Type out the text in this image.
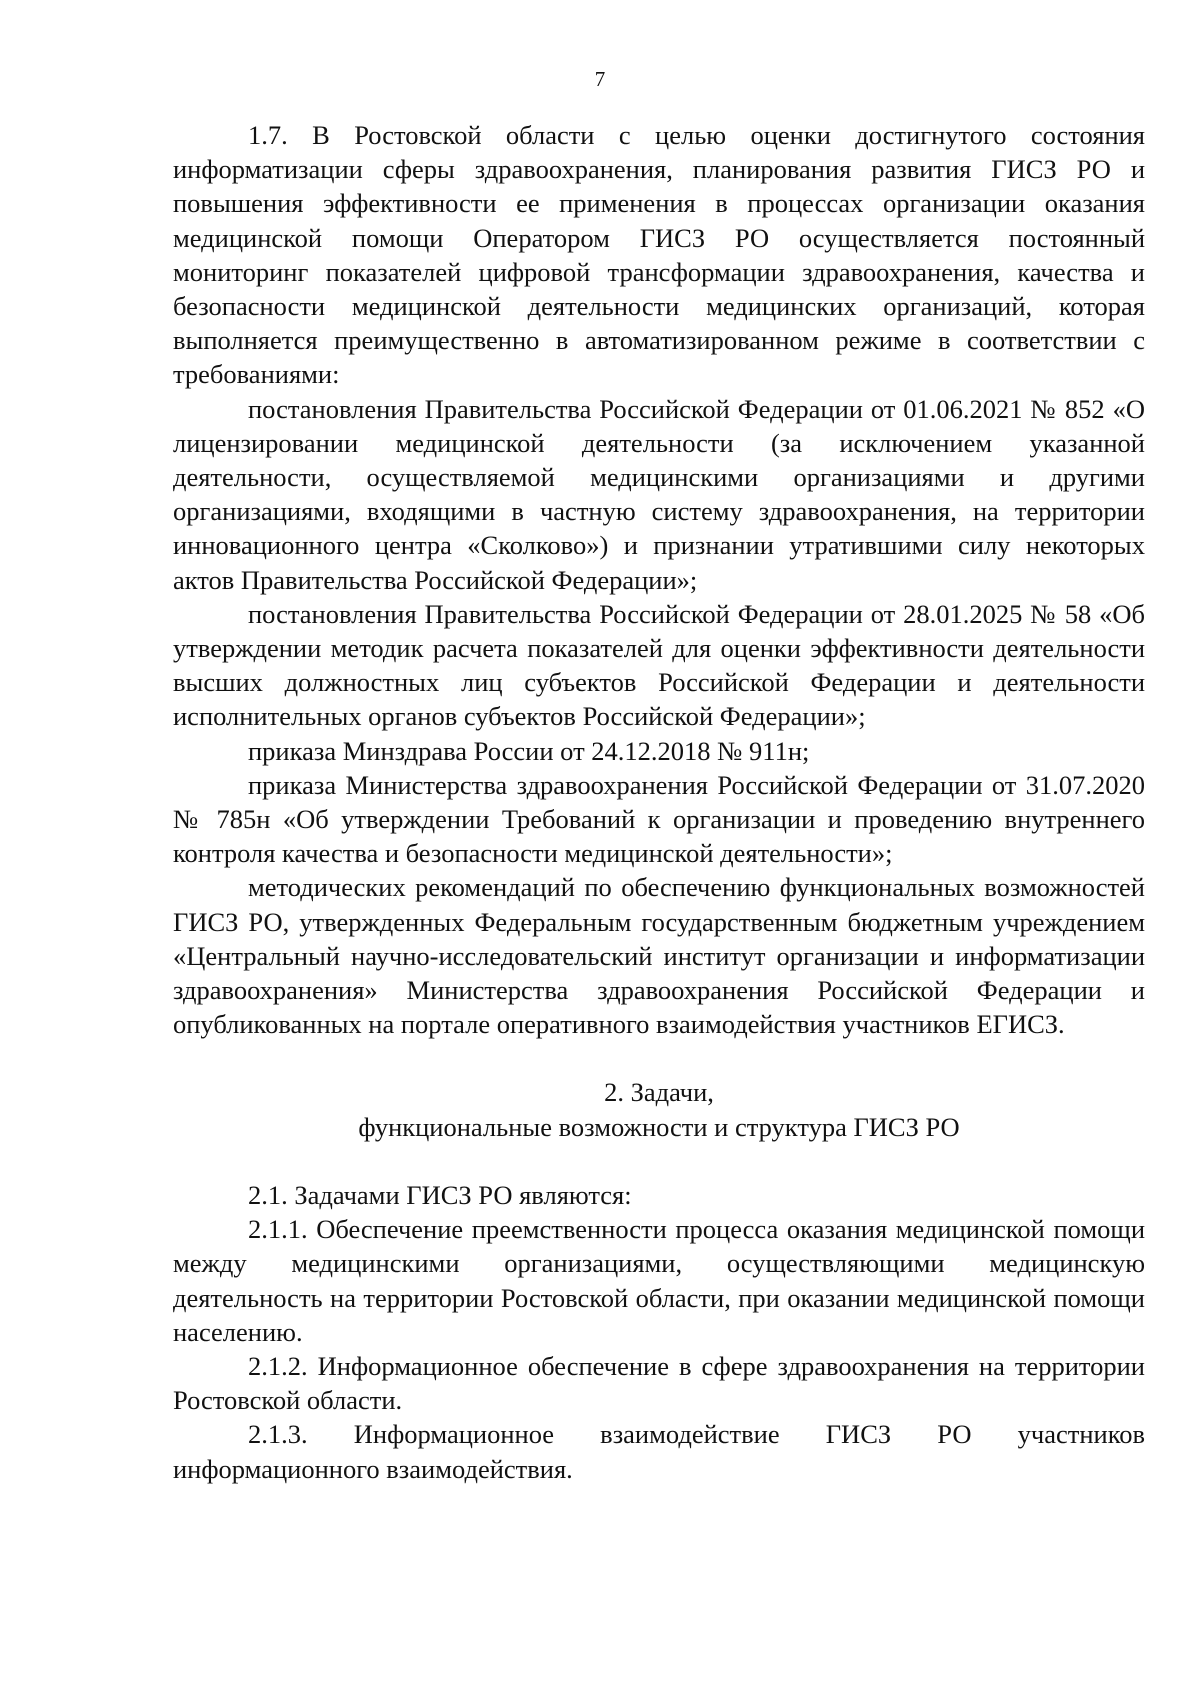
7

1.7. В Ростовской области с целью оценки достигнутого состояния информатизации сферы здравоохранения, планирования развития ГИСЗ РО и повышения эффективности ее применения в процессах организации оказания медицинской помощи Оператором ГИСЗ РО осуществляется постоянный мониторинг показателей цифровой трансформации здравоохранения, качества и безопасности медицинской деятельности медицинских организаций, которая выполняется преимущественно в автоматизированном режиме в соответствии с требованиями:

постановления Правительства Российской Федерации от 01.06.2021 № 852 «О лицензировании медицинской деятельности (за исключением указанной деятельности, осуществляемой медицинскими организациями и другими организациями, входящими в частную систему здравоохранения, на территории инновационного центра «Сколково») и признании утратившими силу некоторых актов Правительства Российской Федерации»;

постановления Правительства Российской Федерации от 28.01.2025 № 58 «Об утверждении методик расчета показателей для оценки эффективности деятельности высших должностных лиц субъектов Российской Федерации и деятельности исполнительных органов субъектов Российской Федерации»;

приказа Минздрава России от 24.12.2018 № 911н;

приказа Министерства здравоохранения Российской Федерации от 31.07.2020 № 785н «Об утверждении Требований к организации и проведению внутреннего контроля качества и безопасности медицинской деятельности»;

методических рекомендаций по обеспечению функциональных возможностей ГИСЗ РО, утвержденных Федеральным государственным бюджетным учреждением «Центральный научно-исследовательский институт организации и информатизации здравоохранения» Министерства здравоохранения Российской Федерации и опубликованных на портале оперативного взаимодействия участников ЕГИСЗ.

2. Задачи,
функциональные возможности и структура ГИСЗ РО

2.1. Задачами ГИСЗ РО являются:

2.1.1. Обеспечение преемственности процесса оказания медицинской помощи между медицинскими организациями, осуществляющими медицинскую деятельность на территории Ростовской области, при оказании медицинской помощи населению.

2.1.2. Информационное обеспечение в сфере здравоохранения на территории Ростовской области.

2.1.3. Информационное взаимодействие ГИСЗ РО участников информационного взаимодействия.
